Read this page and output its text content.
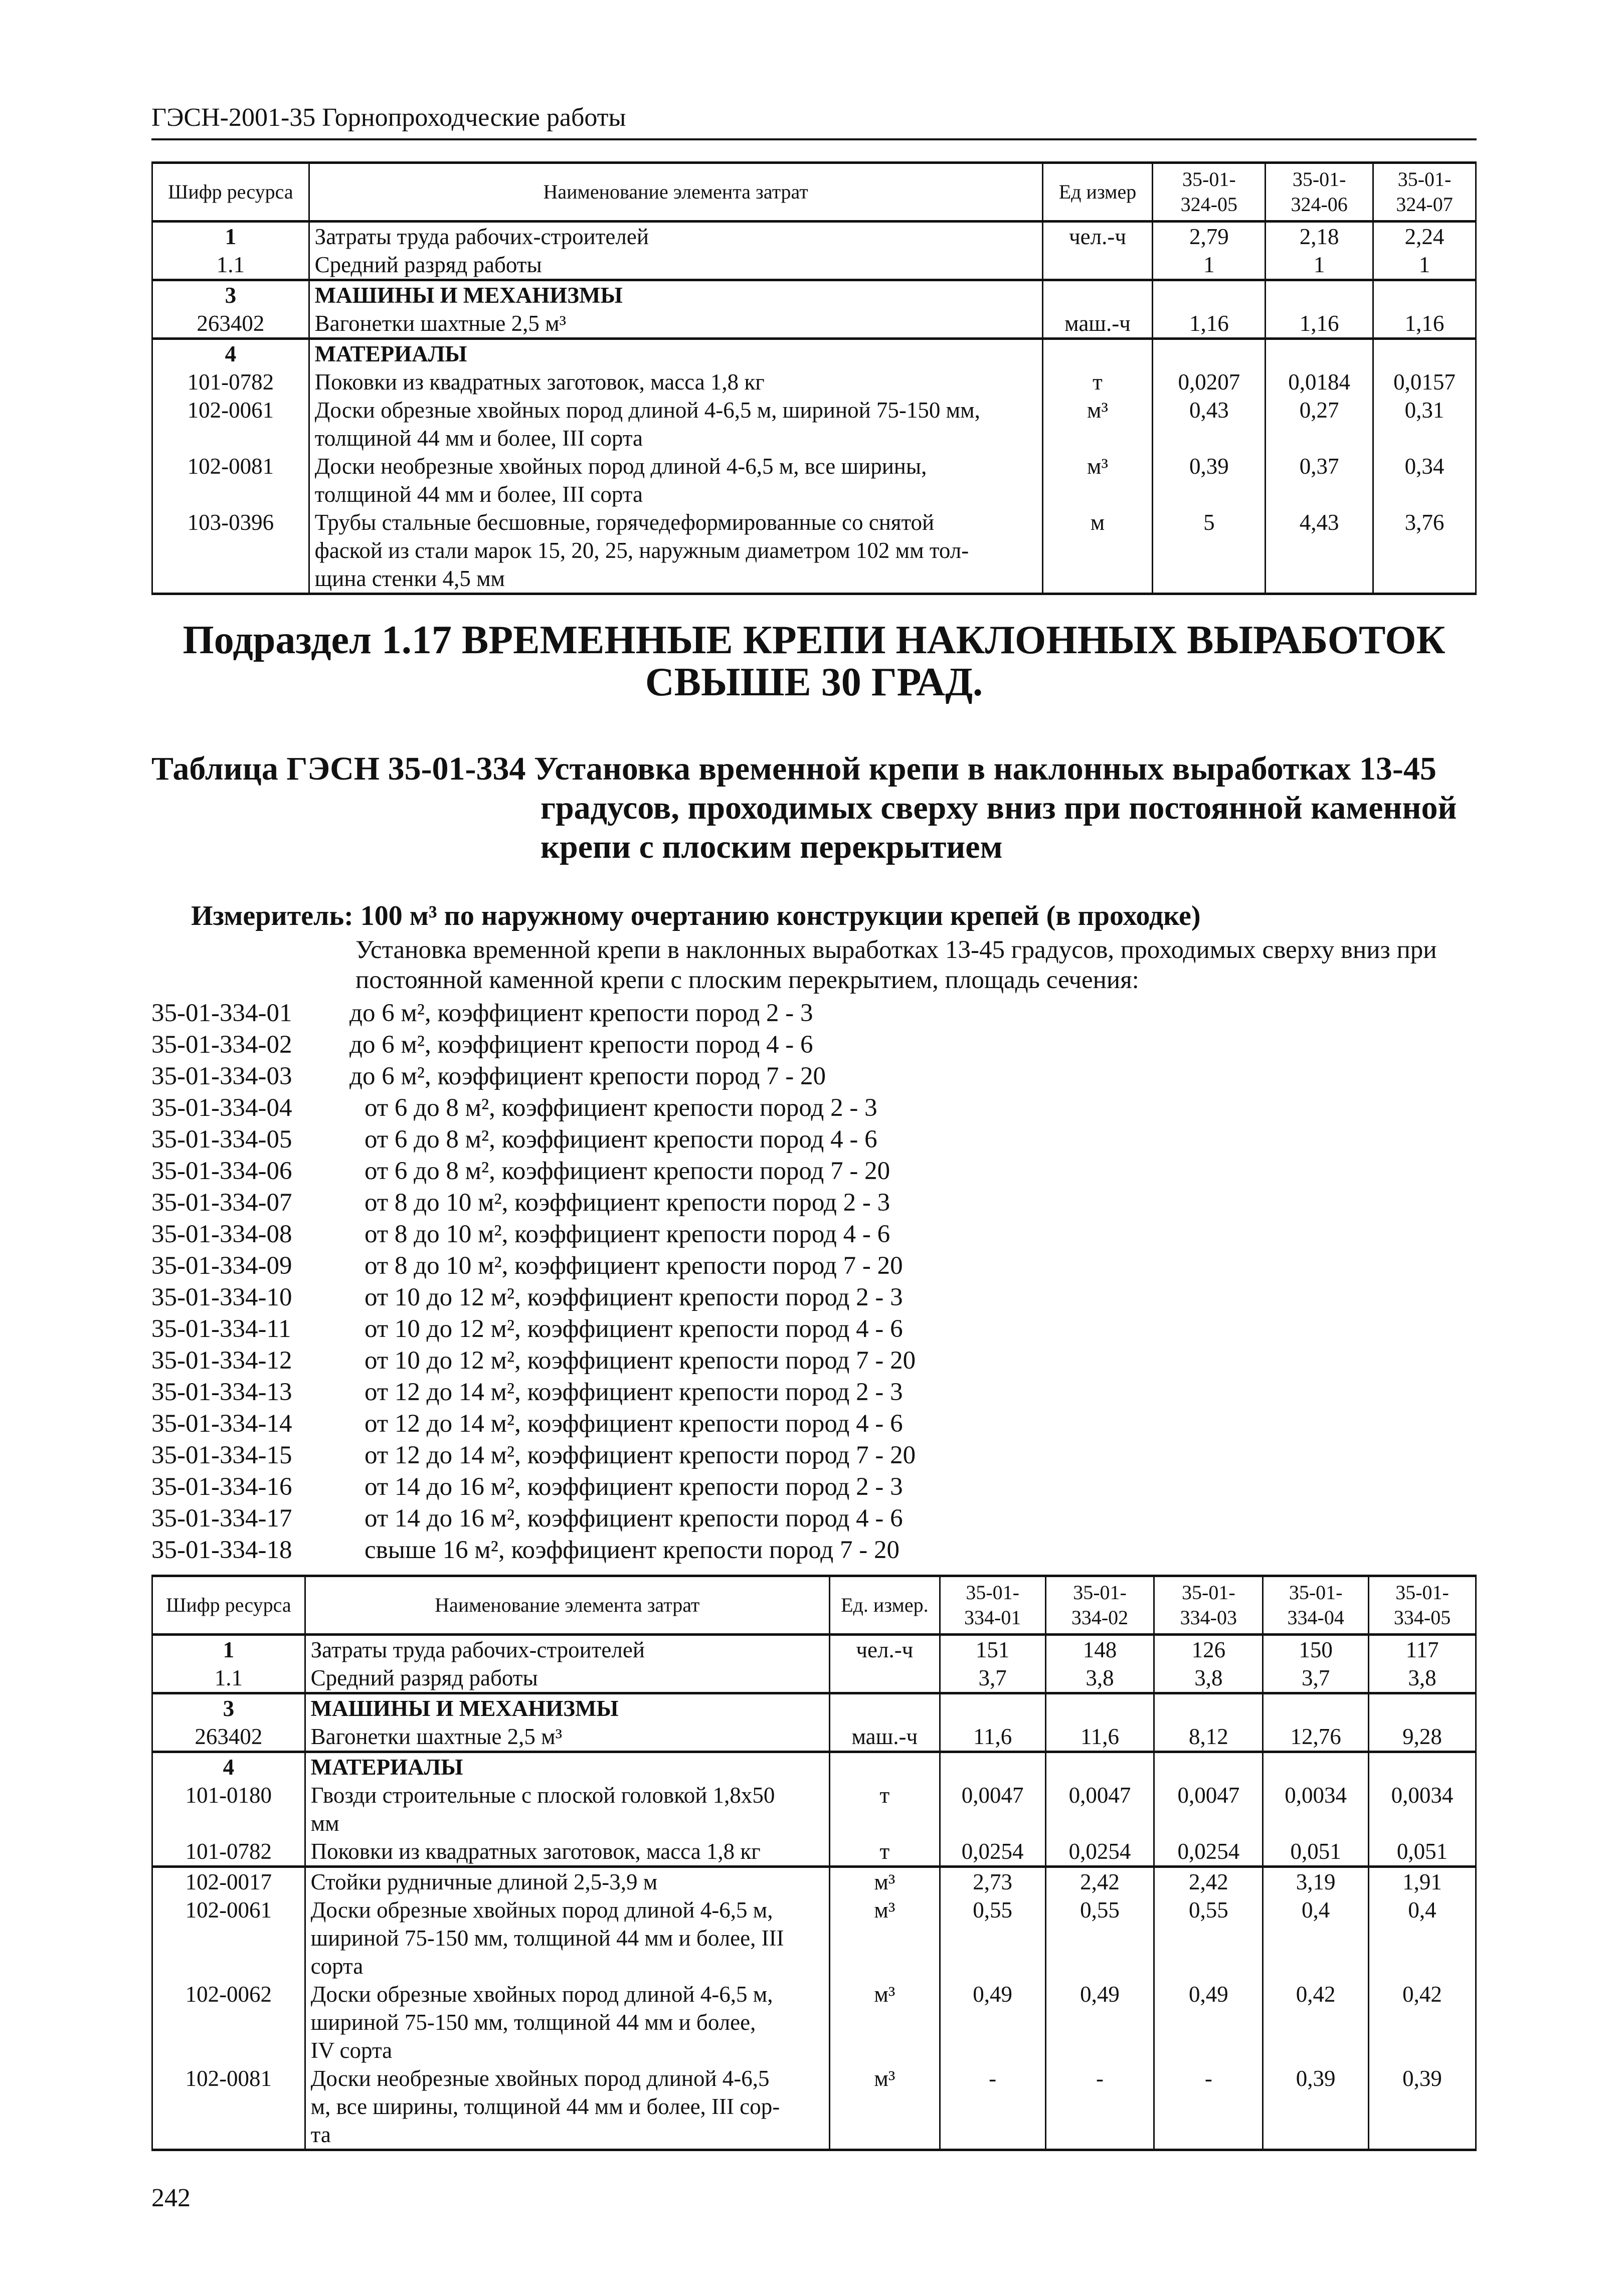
ГЭСН-2001-35 Горнопроходческие работы
Шифр ресурса	Наименование элемента затрат	Ед измер	35-01-
324-05	35-01-
324-06	35-01-
324-07
1	Затраты труда рабочих-строителей	чел.-ч	2,79	2,18	2,24
1.1	Средний разряд работы		1	1	1
3	МАШИНЫ И МЕХАНИЗМЫ				
263402	Вагонетки шахтные 2,5 м³	маш.-ч	1,16	1,16	1,16
4	МАТЕРИАЛЫ				
101-0782	Поковки из квадратных заготовок, масса 1,8 кг	т	0,0207	0,0184	0,0157
102-0061	Доски обрезные хвойных пород длиной 4-6,5 м, шириной 75-150 мм,
толщиной 44 мм и более, III сорта	м³	0,43	0,27	0,31
102-0081	Доски необрезные хвойных пород длиной 4-6,5 м, все ширины,
толщиной 44 мм и более, III сорта	м³	0,39	0,37	0,34
103-0396	Трубы стальные бесшовные, горячедеформированные со снятой
фаской из стали марок 15, 20, 25, наружным диаметром 102 мм тол-
щина стенки 4,5 мм	м	5	4,43	3,76
Подраздел 1.17 ВРЕМЕННЫЕ КРЕПИ НАКЛОННЫХ ВЫРАБОТОК
СВЫШЕ 30 ГРАД.
Таблица ГЭСН 35-01-334 Установка временной крепи в наклонных выработках 13-45
градусов, проходимых сверху вниз при постоянной каменной
крепи с плоским перекрытием
Измеритель: 100 м³ по наружному очертанию конструкции крепей (в проходке)
Установка временной крепи в наклонных выработках 13-45 градусов, проходимых сверху вниз при постоянной каменной крепи с плоским перекрытием, площадь сечения:
35-01-334-01	до 6 м², коэффициент крепости пород 2 - 3
35-01-334-02	до 6 м², коэффициент крепости пород 4 - 6
35-01-334-03	до 6 м², коэффициент крепости пород 7 - 20
35-01-334-04	от 6 до 8 м², коэффициент крепости пород 2 - 3
35-01-334-05	от 6 до 8 м², коэффициент крепости пород 4 - 6
35-01-334-06	от 6 до 8 м², коэффициент крепости пород 7 - 20
35-01-334-07	от 8 до 10 м², коэффициент крепости пород 2 - 3
35-01-334-08	от 8 до 10 м², коэффициент крепости пород 4 - 6
35-01-334-09	от 8 до 10 м², коэффициент крепости пород 7 - 20
35-01-334-10	от 10 до 12 м², коэффициент крепости пород 2 - 3
35-01-334-11	от 10 до 12 м², коэффициент крепости пород 4 - 6
35-01-334-12	от 10 до 12 м², коэффициент крепости пород 7 - 20
35-01-334-13	от 12 до 14 м², коэффициент крепости пород 2 - 3
35-01-334-14	от 12 до 14 м², коэффициент крепости пород 4 - 6
35-01-334-15	от 12 до 14 м², коэффициент крепости пород 7 - 20
35-01-334-16	от 14 до 16 м², коэффициент крепости пород 2 - 3
35-01-334-17	от 14 до 16 м², коэффициент крепости пород 4 - 6
35-01-334-18	свыше 16 м², коэффициент крепости пород 7 - 20
Шифр ресурса	Наименование элемента затрат	Ед. измер.	35-01-
334-01	35-01-
334-02	35-01-
334-03	35-01-
334-04	35-01-
334-05
1	Затраты труда рабочих-строителей	чел.-ч	151	148	126	150	117
1.1	Средний разряд работы		3,7	3,8	3,8	3,7	3,8
3	МАШИНЫ И МЕХАНИЗМЫ						
263402	Вагонетки шахтные 2,5 м³	маш.-ч	11,6	11,6	8,12	12,76	9,28
4	МАТЕРИАЛЫ						
101-0180	Гвозди строительные с плоской головкой 1,8х50
мм	т	0,0047	0,0047	0,0047	0,0034	0,0034
101-0782	Поковки из квадратных заготовок, масса 1,8 кг	т	0,0254	0,0254	0,0254	0,051	0,051
102-0017	Стойки рудничные длиной 2,5-3,9 м	м³	2,73	2,42	2,42	3,19	1,91
102-0061	Доски обрезные хвойных пород длиной 4-6,5 м,
шириной 75-150 мм, толщиной 44 мм и более, III
сорта	м³	0,55	0,55	0,55	0,4	0,4
102-0062	Доски обрезные хвойных пород длиной 4-6,5 м,
шириной 75-150 мм, толщиной 44 мм и более,
IV сорта	м³	0,49	0,49	0,49	0,42	0,42
102-0081	Доски необрезные хвойных пород длиной 4-6,5
м, все ширины, толщиной 44 мм и более, III сор-
та	м³	-	-	-	0,39	0,39
242
